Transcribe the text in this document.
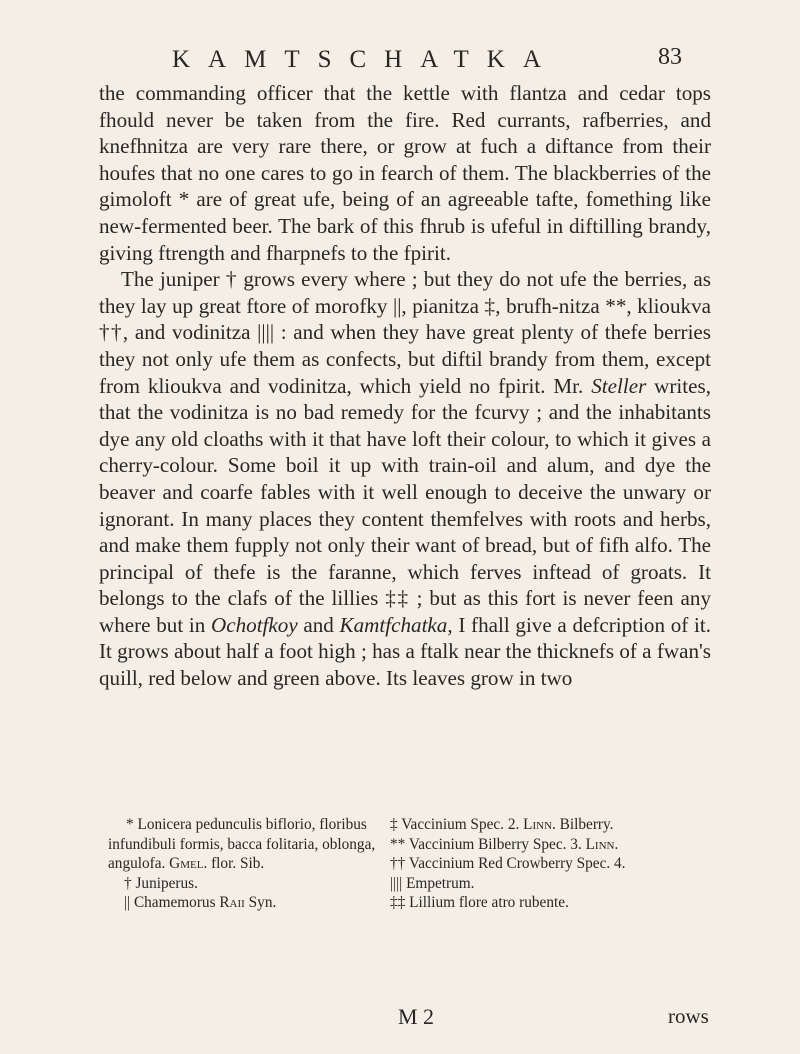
KAMTSCHATKA	83

the commanding officer that the kettle with flantza and cedar tops fhould never be taken from the fire. Red currants, rafberries, and knefhnitza are very rare there, or grow at fuch a diftance from their houfes that no one cares to go in fearch of them. The blackberries of the gimoloft * are of great ufe, being of an agreeable tafte, fomething like new-fermented beer. The bark of this fhrub is ufeful in diftilling brandy, giving ftrength and fharpnefs to the fpirit.

The juniper † grows every where ; but they do not ufe the berries, as they lay up great ftore of morofky ||, pianitza ‡, brufh-nitza **, klioukva ††, and vodinitza |||| : and when they have great plenty of thefe berries they not only ufe them as confects, but diftil brandy from them, except from klioukva and vodinitza, which yield no fpirit. Mr. Steller writes, that the vodinitza is no bad remedy for the fcurvy ; and the inhabitants dye any old cloaths with it that have loft their colour, to which it gives a cherry-colour. Some boil it up with train-oil and alum, and dye the beaver and coarfe fables with it well enough to deceive the unwary or ignorant. In many places they content themfelves with roots and herbs, and make them fupply not only their want of bread, but of fifh alfo. The principal of thefe is the faranne, which ferves inftead of groats. It belongs to the clafs of the lillies ‡‡ ; but as this fort is never feen any where but in Ochotfkoy and Kamtfchatka, I fhall give a defcription of it. It grows about half a foot high ; has a ftalk near the thicknefs of a fwan's quill, red below and green above. Its leaves grow in two

* Lonicera pedunculis biflorio, floribus infundibuli formis, bacca folitaria, oblonga, angulofa. Gmel. flor. Sib.

† Juniperus.

|| Chamemorus Raii Syn.

‡ Vaccinium Spec. 2. Linn. Bilberry.

** Vaccinium Bilberry Spec. 3. Linn.

†† Vaccinium Red Crowberry Spec. 4.

|||| Empetrum.

‡‡ Lillium flore atro rubente.

M 2	rows
